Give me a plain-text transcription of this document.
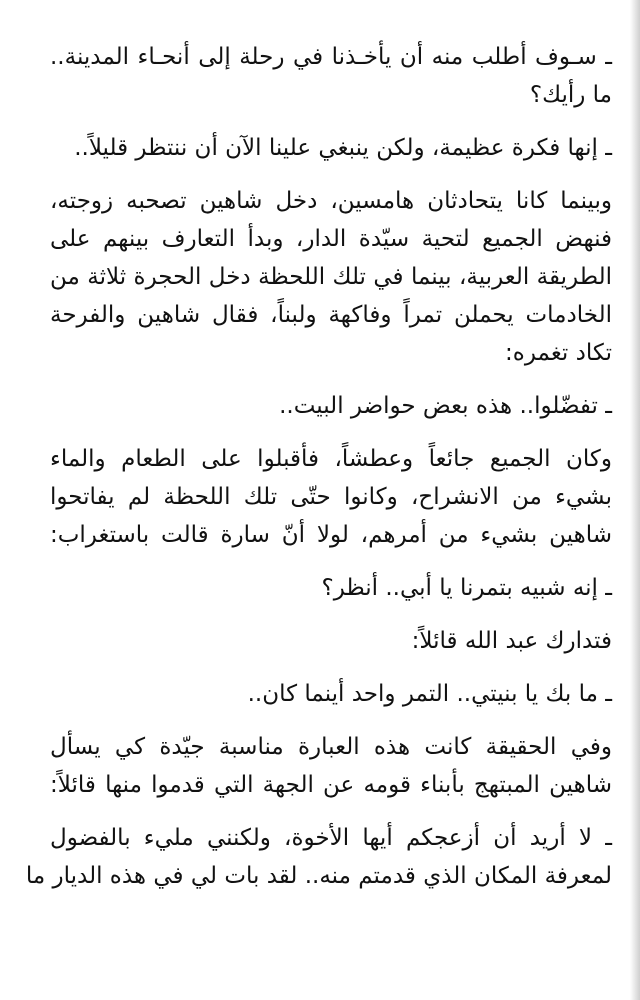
ـ سـوف أطلب منه أن يأخـذنا في رحلة إلى أنحـاء المدينة..
ما رأيك؟
ـ إنها فكرة عظيمة، ولكن ينبغي علينا الآن أن ننتظر قليلاً..
وبينما كانا يتحادثان هامسين، دخل شاهين تصحبه زوجته،
فنهض الجميع لتحية سيّدة الدار، وبدأ التعارف بينهم على
الطريقة العربية، بينما في تلك اللحظة دخل الحجرة ثلاثة من
الخادمات يحملن تمراً وفاكهة ولبناً، فقال شاهين والفرحة
تكاد تغمره:
ـ تفضّلوا.. هذه بعض حواضر البيت..
وكان الجميع جائعاً وعطشاً، فأقبلوا على الطعام والماء
بشيء من الانشراح، وكانوا حتّى تلك اللحظة لم يفاتحوا
شاهين بشيء من أمرهم، لولا أنّ سارة قالت باستغراب:
ـ إنه شبيه بتمرنا يا أبي.. أنظر؟
فتدارك عبد الله قائلاً:
ـ ما بك يا بنيتي.. التمر واحد أينما كان..
وفي الحقيقة كانت هذه العبارة مناسبة جيّدة كي يسأل
شاهين المبتهج بأبناء قومه عن الجهة التي قدموا منها قائلاً:
ـ لا أريد أن أزعجكم أيها الأخوة، ولكنني مليء بالفضول
لمعرفة المكان الذي قدمتم منه.. لقد بات لي في هذه الديار ما
